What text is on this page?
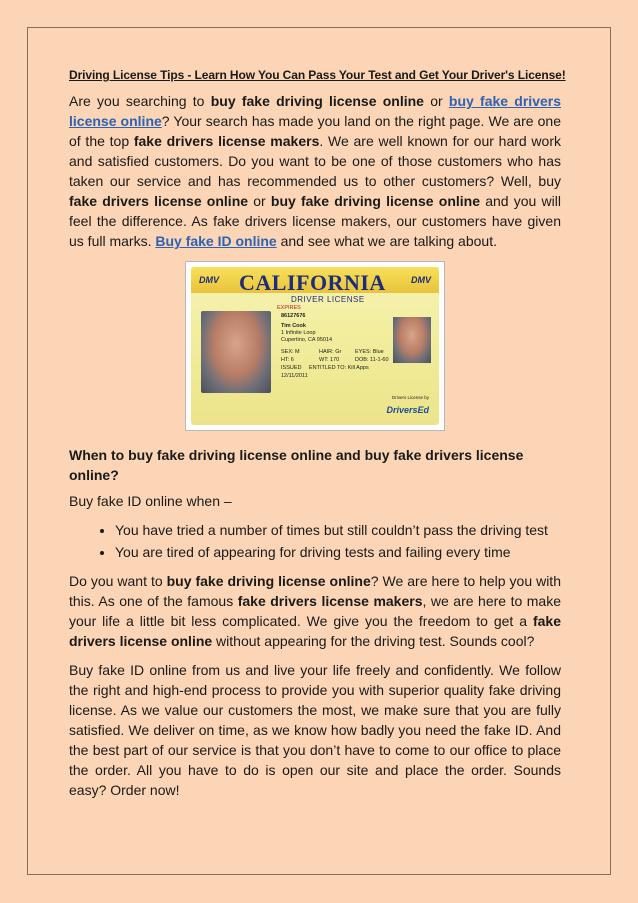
Driving License Tips - Learn How You Can Pass Your Test and Get Your Driver's License!

Are you searching to buy fake driving license online or buy fake drivers license online? Your search has made you land on the right page. We are one of the top fake drivers license makers. We are well known for our hard work and satisfied customers. Do you want to be one of those customers who has taken our service and has recommended us to other customers? Well, buy fake drivers license online or buy fake driving license online and you will feel the difference. As fake drivers license makers, our customers have given us full marks. Buy fake ID online and see what we are talking about.

DMV CALIFORNIA	DMV
DRIVER LICENSE
EXPIRES
86127676
Tim Cook
1 Infinite Loop
Cupertino, CA 95014
SEX: M	HAIR: Gr EYES: Blue
HT: 6	WT: 170	DOB: 11-1-60
ISSUED ENTITLED TO: Kill Apps
12/11/2011
Drivers License by
DriversEd
When to buy fake driving license online and buy fake drivers license online?

Buy fake ID online when –

• You have tried a number of times but still couldn’t pass the driving test
• You are tired of appearing for driving tests and failing every time

Do you want to buy fake driving license online? We are here to help you with this. As one of the famous fake drivers license makers, we are here to make your life a little bit less complicated. We give you the freedom to get a fake drivers license online without appearing for the driving test. Sounds cool?

Buy fake ID online from us and live your life freely and confidently. We follow the right and high-end process to provide you with superior quality fake driving license. As we value our customers the most, we make sure that you are fully satisfied. We deliver on time, as we know how badly you need the fake ID. And the best part of our service is that you don’t have to come to our office to place the order. All you have to do is open our site and place the order. Sounds easy? Order now!
